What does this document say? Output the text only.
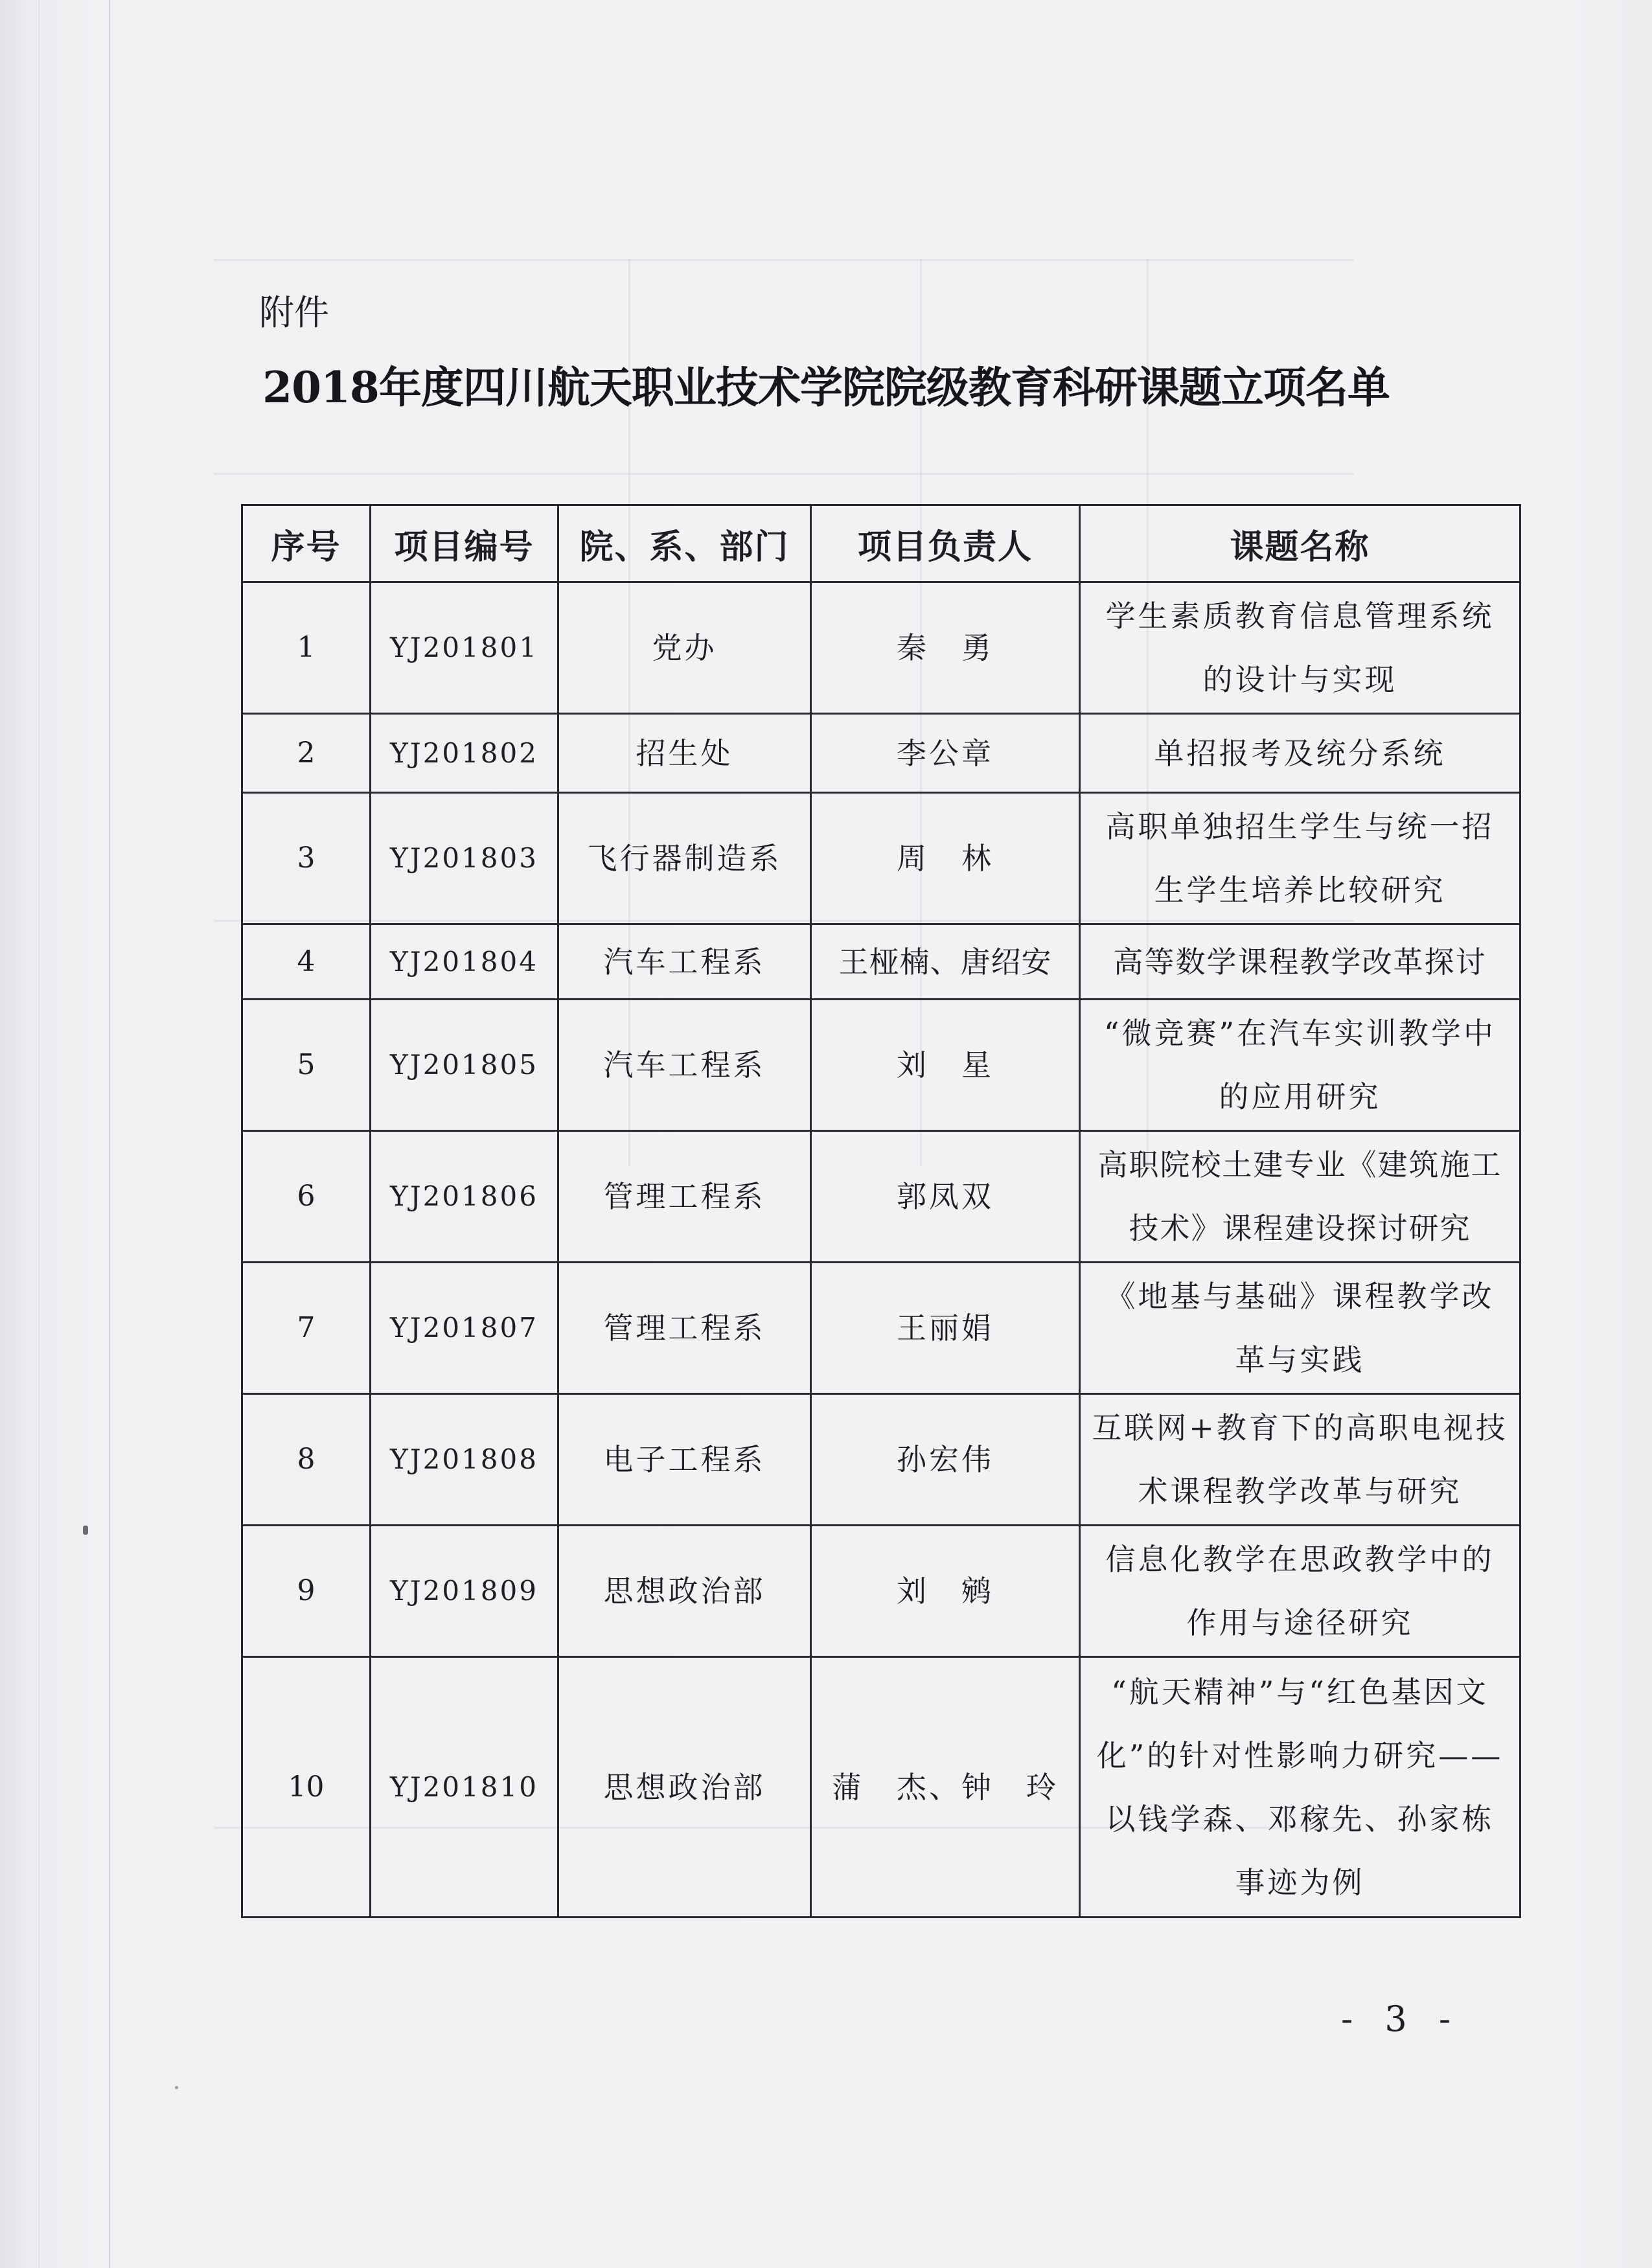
附件
2018年度四川航天职业技术学院院级教育科研课题立项名单
序号	项目编号	院、系、部门	项目负责人	课题名称
1	YJ201801	党办	秦　勇	学生素质教育信息管理系统的设计与实现
2	YJ201802	招生处	李公章	单招报考及统分系统
3	YJ201803	飞行器制造系	周　林	高职单独招生学生与统一招生学生培养比较研究
4	YJ201804	汽车工程系	王桠楠、唐绍安	高等数学课程教学改革探讨
5	YJ201805	汽车工程系	刘　星	“微竞赛”在汽车实训教学中的应用研究
6	YJ201806	管理工程系	郭凤双	高职院校土建专业《建筑施工技术》课程建设探讨研究
7	YJ201807	管理工程系	王丽娟	《地基与基础》课程教学改革与实践
8	YJ201808	电子工程系	孙宏伟	互联网+教育下的高职电视技术课程教学改革与研究
9	YJ201809	思想政治部	刘　鹓	信息化教学在思政教学中的作用与途径研究
10	YJ201810	思想政治部	蒲　杰、钟　玲	“航天精神”与“红色基因文化”的针对性影响力研究——以钱学森、邓稼先、孙家栋事迹为例
- 3 -
